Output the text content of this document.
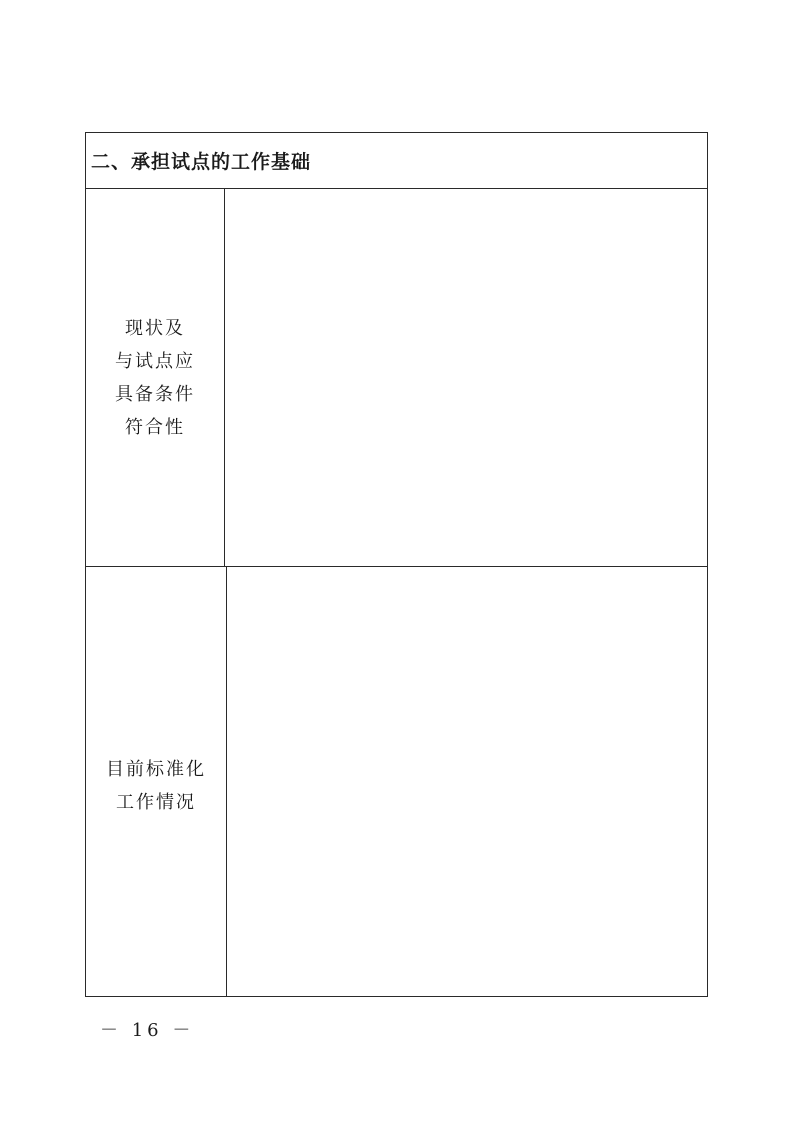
二、承担试点的工作基础
现状及
与试点应
具备条件
符合性
目前标准化
工作情况
－ 16 －
